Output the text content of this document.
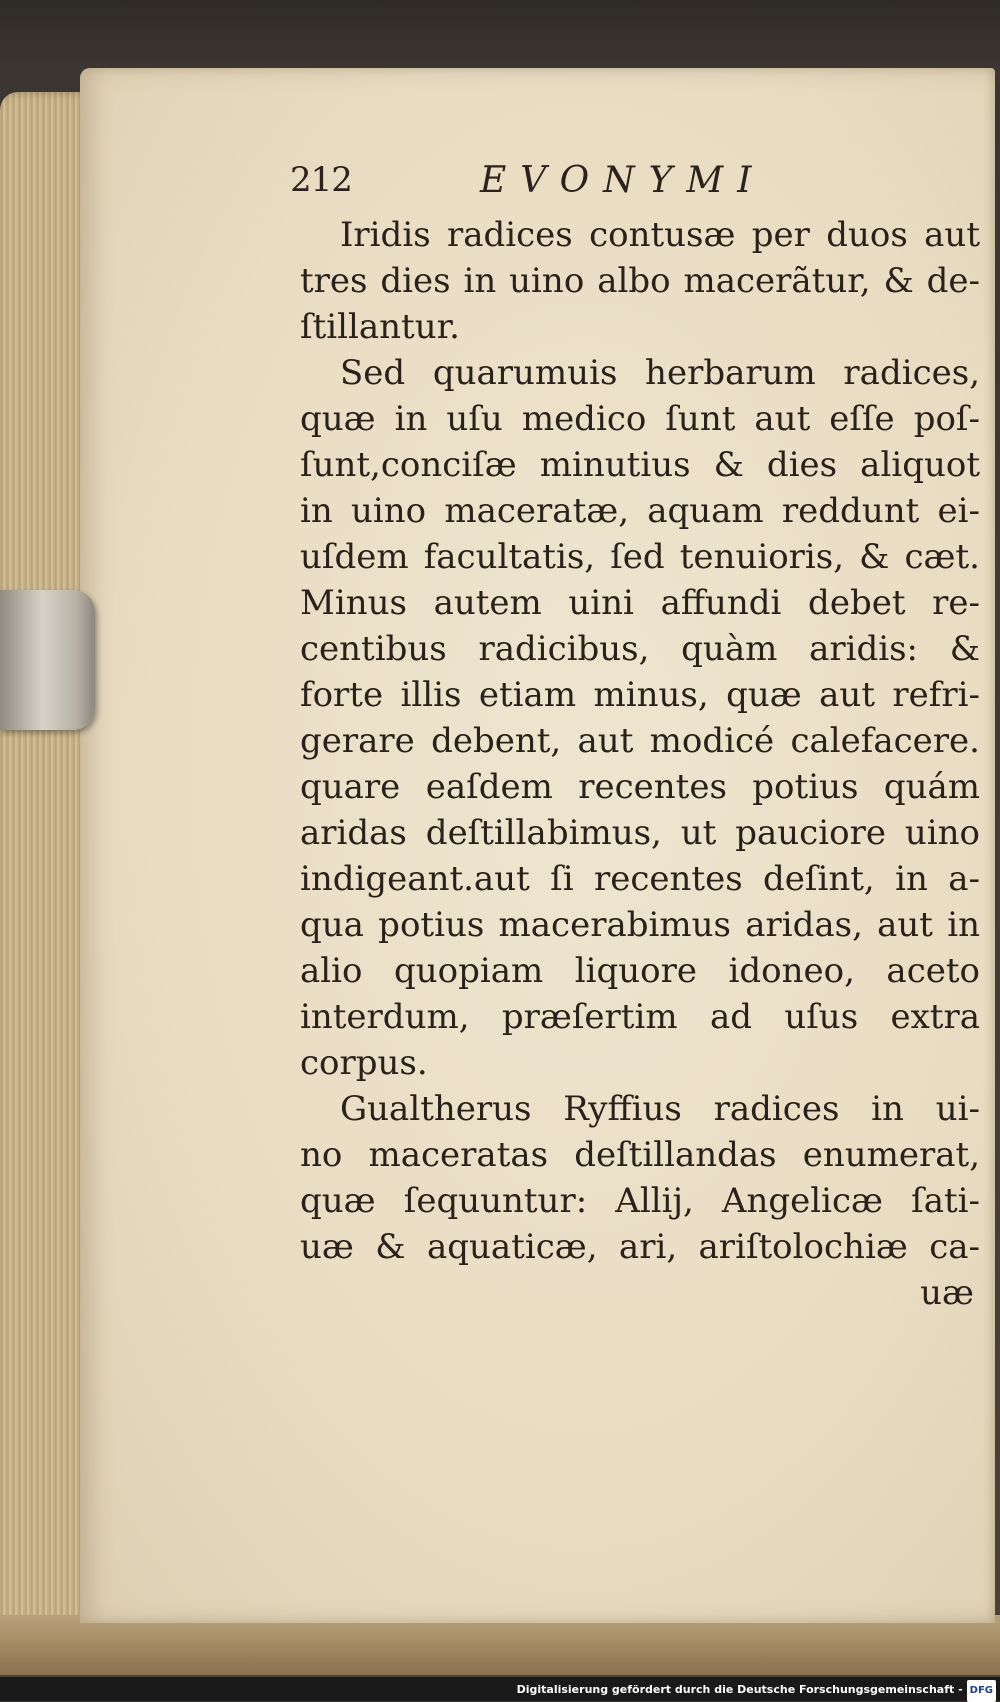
212	EVONYMI
Iridis radices contusæ per duos aut
tres dies in uino albo macerãtur, & de-
ſtillantur.
Sed quarumuis herbarum radices,
quæ in uſu medico ſunt aut eſſe poſ-
ſunt,conciſæ minutius & dies aliquot
in uino maceratæ, aquam reddunt ei-
uſdem facultatis, ſed tenuioris, & cæt.
Minus autem uini affundi debet re-
centibus radicibus, quàm aridis: &
forte illis etiam minus, quæ aut refri-
gerare debent, aut modicé calefacere.
quare eaſdem recentes potius quám
aridas deſtillabimus, ut pauciore uino
indigeant.aut ſi recentes deſint, in a-
qua potius macerabimus aridas, aut in
alio quopiam liquore idoneo, aceto
interdum, præſertim ad uſus extra
corpus.
Gualtherus Ryffius radices in ui-
no maceratas deſtillandas enumerat,
quæ ſequuntur: Allij, Angelicæ ſati-
uæ & aquaticæ, ari, ariſtolochiæ ca-
uæ
Digitalisierung gefördert durch die Deutsche Forschungsgemeinschaft - DFG
